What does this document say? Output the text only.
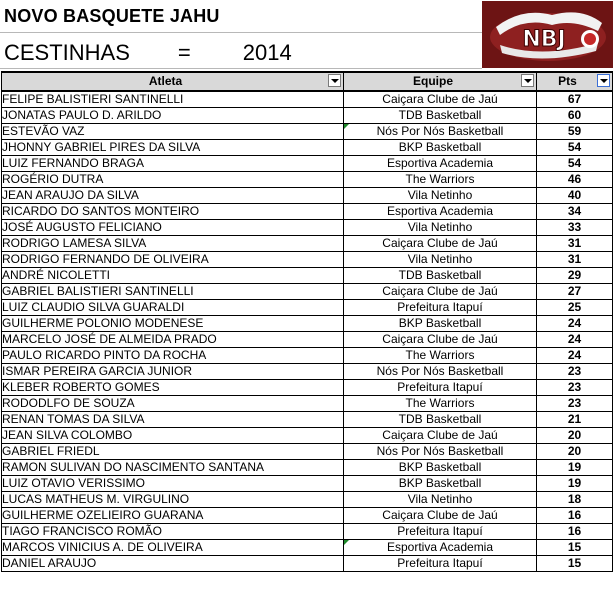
NOVO BASQUETE JAHU
CESTINHAS = 2014
NBJ
Atleta	Equipe	Pts

FELIPE BALISTIERI SANTINELLI	Caiçara Clube de Jaú	67
JONATAS PAULO D. ARILDO	TDB Basketball	60
ESTEVÃO VAZ	Nós Por Nós Basketball	59
JHONNY GABRIEL PIRES DA SILVA	BKP Basketball	54
LUIZ FERNANDO BRAGA	Esportiva Academia	54
ROGÉRIO DUTRA	The Warriors	46
JEAN ARAUJO DA SILVA	Vila Netinho	40
RICARDO DO SANTOS MONTEIRO	Esportiva Academia	34
JOSÉ AUGUSTO FELICIANO	Vila Netinho	33
RODRIGO LAMESA SILVA	Caiçara Clube de Jaú	31
RODRIGO FERNANDO DE OLIVEIRA	Vila Netinho	31
ANDRÉ NICOLETTI	TDB Basketball	29
GABRIEL BALISTIERI SANTINELLI	Caiçara Clube de Jaú	27
LUIZ CLAUDIO SILVA GUARALDI	Prefeitura Itapuí	25
GUILHERME POLONIO MODENESE	BKP Basketball	24
MARCELO JOSÉ DE ALMEIDA PRADO	Caiçara Clube de Jaú	24
PAULO RICARDO PINTO DA ROCHA	The Warriors	24
ISMAR PEREIRA GARCIA JUNIOR	Nós Por Nós Basketball	23
KLEBER ROBERTO GOMES	Prefeitura Itapuí	23
RODODLFO DE SOUZA	The Warriors	23
RENAN TOMAS DA SILVA	TDB Basketball	21
JEAN SILVA COLOMBO	Caiçara Clube de Jaú	20
GABRIEL FRIEDL	Nós Por Nós Basketball	20
RAMON SULIVAN DO NASCIMENTO SANTANA	BKP Basketball	19
LUIZ OTAVIO VERISSIMO	BKP Basketball	19
LUCAS MATHEUS M. VIRGULINO	Vila Netinho	18
GUILHERME OZELIEIRO GUARANA	Caiçara Clube de Jaú	16
TIAGO FRANCISCO ROMÃO	Prefeitura Itapuí	16
MARCOS VINICIUS A. DE OLIVEIRA	Esportiva Academia	15
DANIEL ARAUJO	Prefeitura Itapuí	15
